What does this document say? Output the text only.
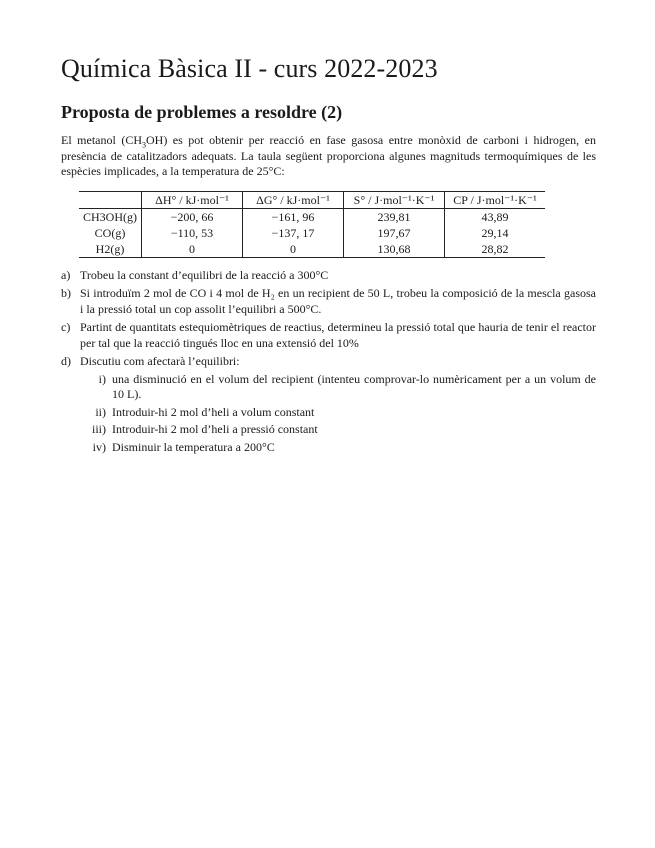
Química Bàsica II - curs 2022-2023
Proposta de problemes a resoldre (2)
El metanol $(CH_3OH)$ es pot obtenir per reacció en fase gasosa entre monòxid de carboni i hidrogen, en presència de catalitzadors adequats. La taula següent proporciona algunes magnituds termoquímiques de les espècies implicades, a la temperatura de 25°C:
	ΔH° / kJ·mol⁻¹	ΔG° / kJ·mol⁻¹	S° / J·mol⁻¹·K⁻¹	CP / J·mol⁻¹·K⁻¹
CH3OH(g)	−200, 66	−161, 96	239,81	43,89
CO(g)	−110, 53	−137, 17	197,67	29,14
H2(g)	0	0	130,68	28,82
a) Trobeu la constant d’equilibri de la reacció a 300°C
b) Si introduïm 2 mol de CO i 4 mol de H₂ en un recipient de 50 L, trobeu la composició de la mescla gasosa i la pressió total un cop assolit l’equilibri a 500°C.
c) Partint de quantitats estequiomètriques de reactius, determineu la pressió total que hauria de tenir el reactor per tal que la reacció tingués lloc en una extensió del 10%
d) Discutiu com afectarà l’equilibri:
i) una disminució en el volum del recipient (intenteu comprovar-lo numèricament per a un volum de 10 L).
ii) Introduir-hi 2 mol d’heli a volum constant
iii) Introduir-hi 2 mol d’heli a pressió constant
iv) Disminuir la temperatura a 200°C
